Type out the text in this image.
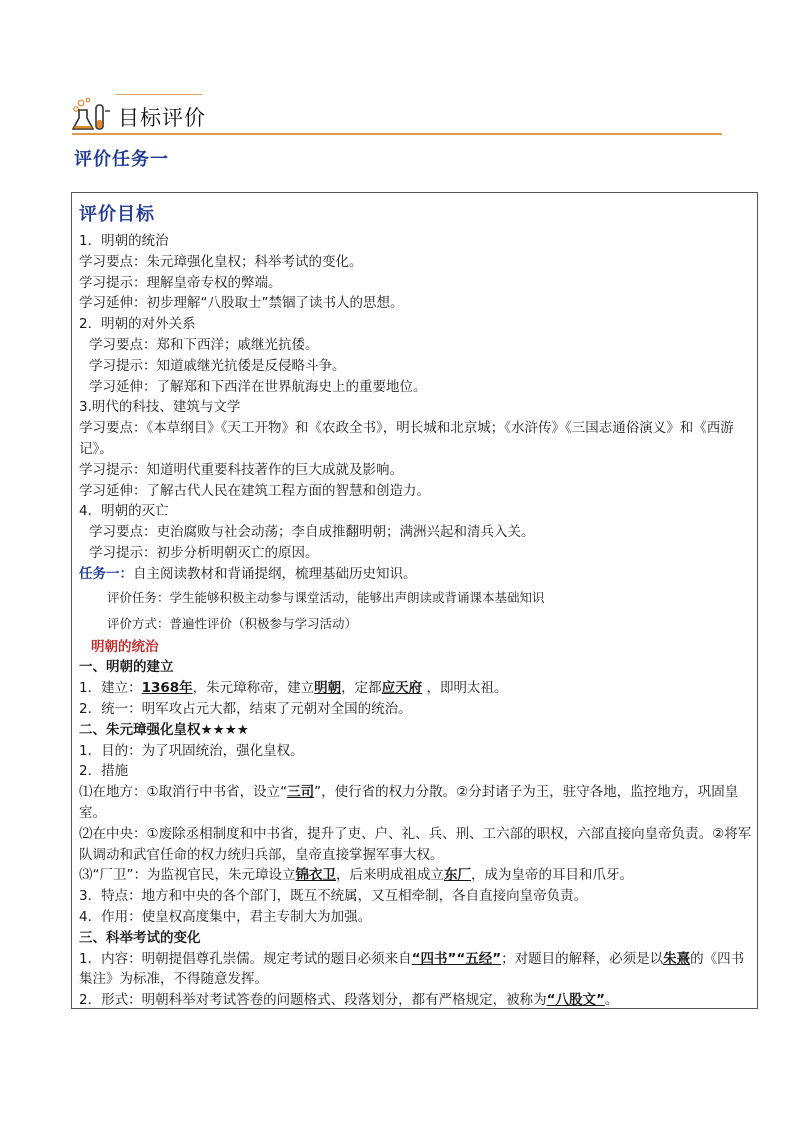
目标评价
评价任务一
评价目标
1．明朝的统治
学习要点：朱元璋强化皇权；科举考试的变化。
学习提示：理解皇帝专权的弊端。
学习延伸：初步理解“八股取士”禁锢了读书人的思想。
2．明朝的对外关系
学习要点：郑和下西洋；戚继光抗倭。
学习提示：知道戚继光抗倭是反侵略斗争。
学习延伸：了解郑和下西洋在世界航海史上的重要地位。
3.明代的科技、建筑与文学
学习要点：《本草纲目》《天工开物》和《农政全书》，明长城和北京城；《水浒传》《三国志通俗演义》和《西游记》。
学习提示：知道明代重要科技著作的巨大成就及影响。
学习延伸：了解古代人民在建筑工程方面的智慧和创造力。
4．明朝的灭亡
学习要点：吏治腐败与社会动荡；李自成推翻明朝；满洲兴起和清兵入关。
学习提示：初步分析明朝灭亡的原因。
任务一：自主阅读教材和背诵提纲，梳理基础历史知识。
评价任务：学生能够积极主动参与课堂活动，能够出声朗读或背诵课本基础知识
评价方式：普遍性评价（积极参与学习活动）
明朝的统治
一、明朝的建立
1．建立：1368年，朱元璋称帝，建立明朝，定都应天府 ，即明太祖。
2．统一：明军攻占元大都，结束了元朝对全国的统治。
二、朱元璋强化皇权★★★★
1．目的：为了巩固统治，强化皇权。
2．措施
⑴在地方：①取消行中书省，设立“三司”，使行省的权力分散。②分封诸子为王，驻守各地，监控地方，巩固皇室。
⑵在中央：①废除丞相制度和中书省，提升了吏、户、礼、兵、刑、工六部的职权，六部直接向皇帝负责。②将军队调动和武官任命的权力统归兵部，皇帝直接掌握军事大权。
⑶“厂卫”：为监视官民，朱元璋设立锦衣卫，后来明成祖成立东厂，成为皇帝的耳目和爪牙。
3．特点：地方和中央的各个部门，既互不统属，又互相牵制，各自直接向皇帝负责。
4．作用：使皇权高度集中，君主专制大为加强。
三、科举考试的变化
1．内容：明朝提倡尊孔崇儒。规定考试的题目必须来自“四书”“五经”；对题目的解释，必须是以朱熹的《四书集注》为标准，不得随意发挥。
2．形式：明朝科举对考试答卷的问题格式、段落划分，都有严格规定，被称为“八股文”。
